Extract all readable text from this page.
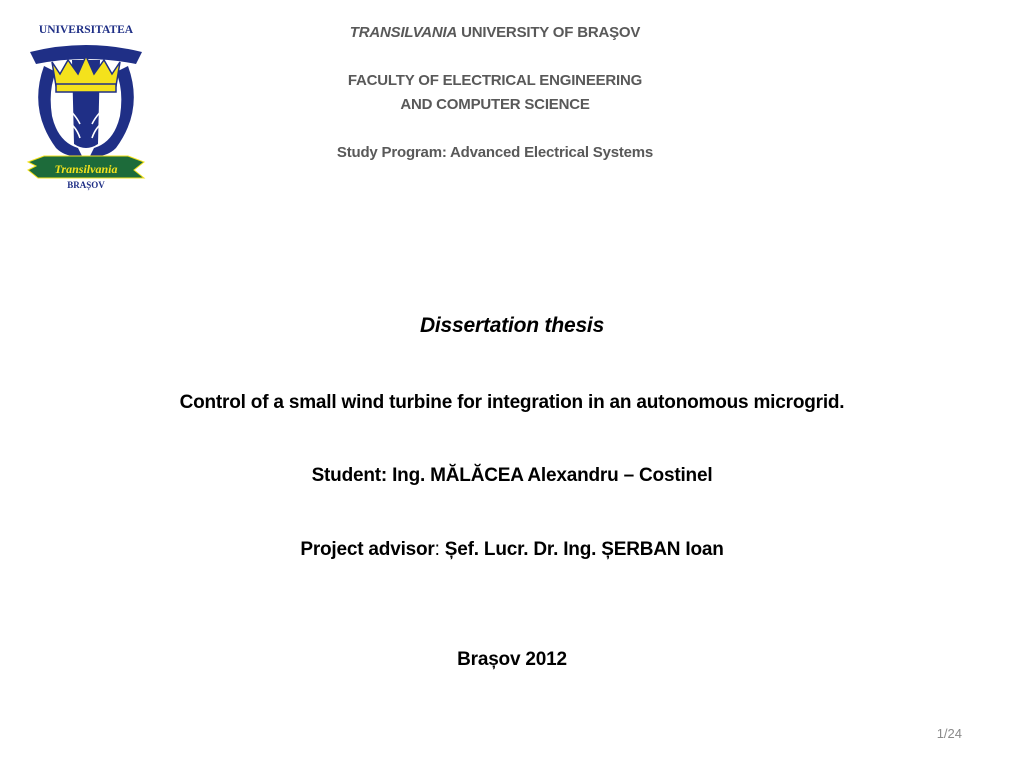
UNIVERSITATEA
Transilvania
BRAȘOV
TRANSILVANIA UNIVERSITY OF BRAŞOV
FACULTY OF ELECTRICAL ENGINEERING
AND COMPUTER SCIENCE
Study Program: Advanced Electrical Systems
Dissertation thesis
Control of a small wind turbine for integration in an autonomous microgrid.
Student: Ing. MĂLĂCEA Alexandru – Costinel
Project advisor: Șef. Lucr. Dr. Ing. ȘERBAN Ioan
Brașov 2012
1/24
